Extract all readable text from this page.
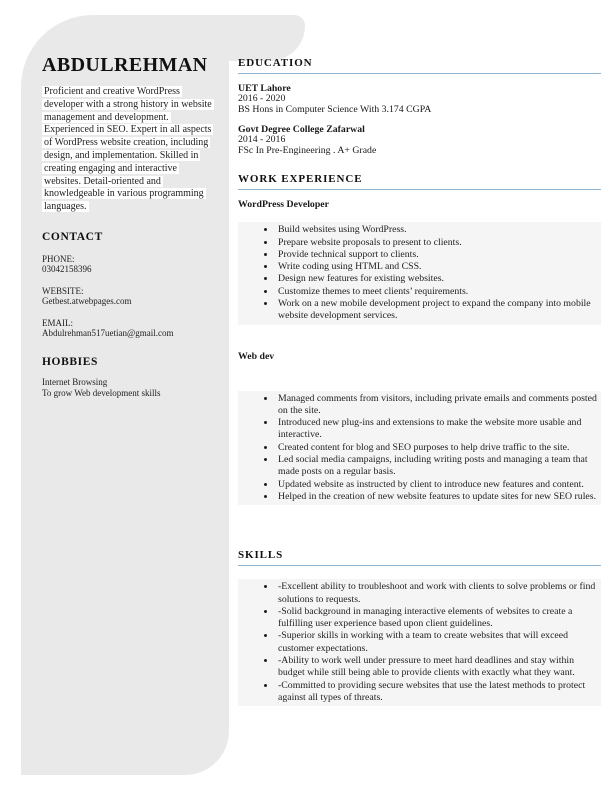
ABDULREHMAN
Proficient and creative WordPress developer with a strong history in website management and development. Experienced in SEO. Expert in all aspects of WordPress website creation, including design, and implementation. Skilled in creating engaging and interactive websites. Detail-oriented and knowledgeable in various programming languages.
CONTACT
PHONE:
03042158396
WEBSITE:
Getbest.atwebpages.com
EMAIL:
Abdulrehman517uetian@gmail.com
HOBBIES
Internet Browsing
To grow Web development skills
EDUCATION
UET Lahore
2016 - 2020
BS Hons in Computer Science With 3.174 CGPA
Govt Degree College Zafarwal
2014 - 2016
FSc In Pre-Engineering . A+ Grade
WORK EXPERIENCE
WordPress Developer
• Build websites using WordPress.
• Prepare website proposals to present to clients.
• Provide technical support to clients.
• Write coding using HTML and CSS.
• Design new features for existing websites.
• Customize themes to meet clients’ requirements.
• Work on a new mobile development project to expand the company into mobile website development services.
Web dev
• Managed comments from visitors, including private emails and comments posted on the site.
• Introduced new plug-ins and extensions to make the website more usable and interactive.
• Created content for blog and SEO purposes to help drive traffic to the site.
• Led social media campaigns, including writing posts and managing a team that made posts on a regular basis.
• Updated website as instructed by client to introduce new features and content.
• Helped in the creation of new website features to update sites for new SEO rules.
SKILLS
• -Excellent ability to troubleshoot and work with clients to solve problems or find solutions to requests.
• -Solid background in managing interactive elements of websites to create a fulfilling user experience based upon client guidelines.
• -Superior skills in working with a team to create websites that will exceed customer expectations.
• -Ability to work well under pressure to meet hard deadlines and stay within budget while still being able to provide clients with exactly what they want.
• -Committed to providing secure websites that use the latest methods to protect against all types of threats.
